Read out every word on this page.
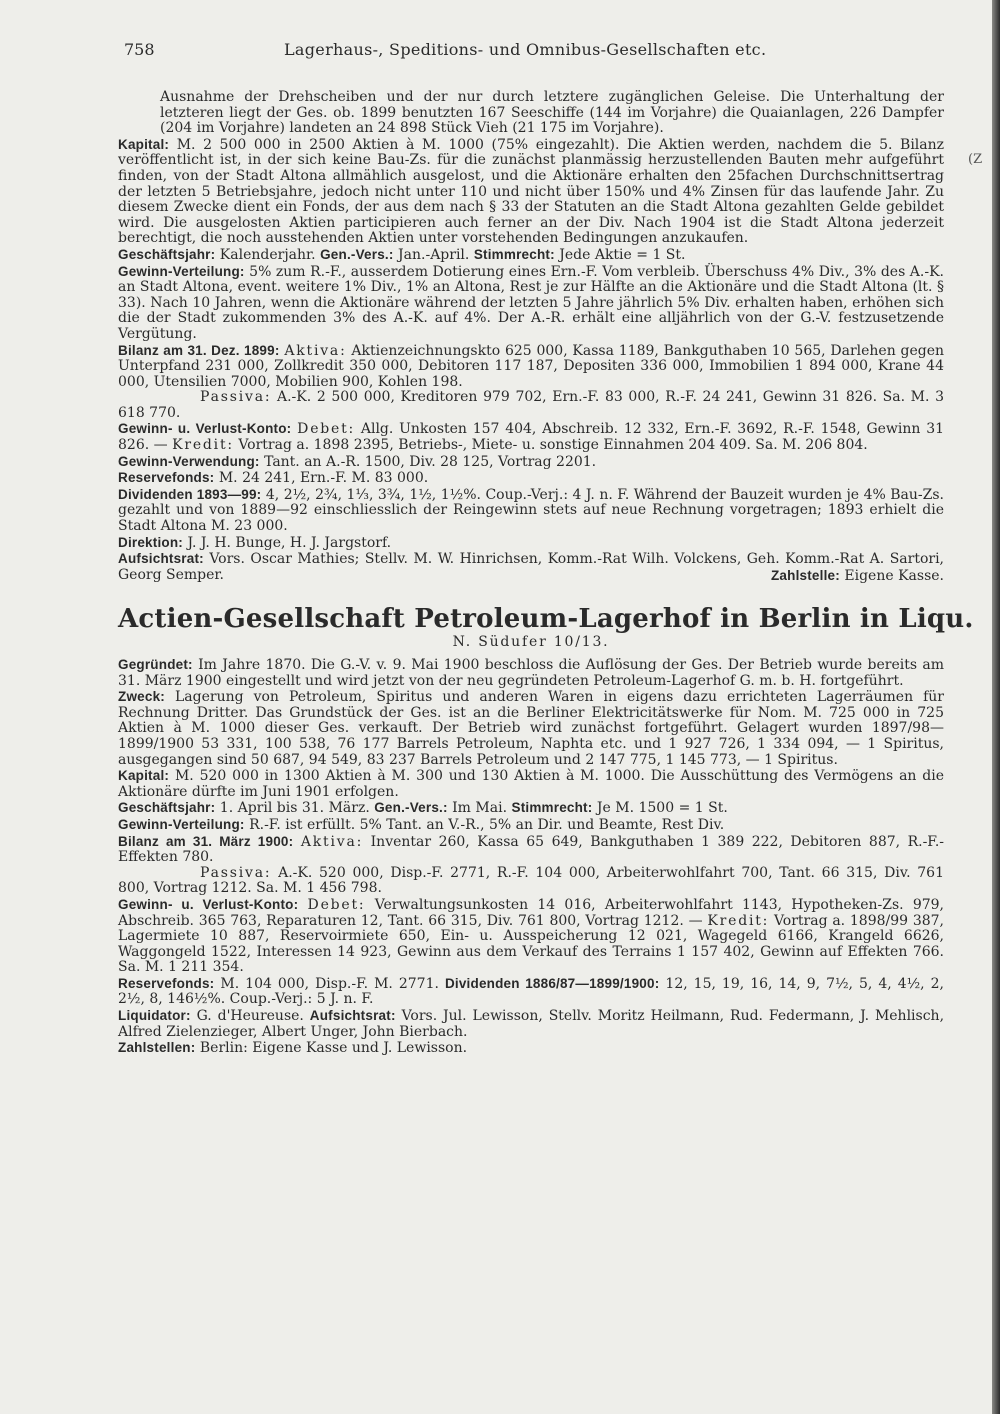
(Z
758	Lagerhaus-, Speditions- und Omnibus-Gesellschaften etc.

Ausnahme der Drehscheiben und der nur durch letztere zugänglichen Geleise. Die Unterhaltung der letzteren liegt der Ges. ob. 1899 benutzten 167 Seeschiffe (144 im Vorjahre) die Quaianlagen, 226 Dampfer (204 im Vorjahre) landeten an 24 898 Stück Vieh (21 175 im Vorjahre).

Kapital: M. 2 500 000 in 2500 Aktien à M. 1000 (75% eingezahlt). Die Aktien werden, nachdem die 5. Bilanz veröffentlicht ist, in der sich keine Bau-Zs. für die zunächst planmässig herzustellenden Bauten mehr aufgeführt finden, von der Stadt Altona allmählich ausgelost, und die Aktionäre erhalten den 25fachen Durchschnittsertrag der letzten 5 Betriebsjahre, jedoch nicht unter 110 und nicht über 150% und 4% Zinsen für das laufende Jahr. Zu diesem Zwecke dient ein Fonds, der aus dem nach § 33 der Statuten an die Stadt Altona gezahlten Gelde gebildet wird. Die ausgelosten Aktien participieren auch ferner an der Div. Nach 1904 ist die Stadt Altona jederzeit berechtigt, die noch ausstehenden Aktien unter vorstehenden Bedingungen anzukaufen.

Geschäftsjahr: Kalenderjahr. Gen.-Vers.: Jan.-April. Stimmrecht: Jede Aktie = 1 St.

Gewinn-Verteilung: 5% zum R.-F., ausserdem Dotierung eines Ern.-F. Vom verbleib. Überschuss 4% Div., 3% des A.-K. an Stadt Altona, event. weitere 1% Div., 1% an Altona, Rest je zur Hälfte an die Aktionäre und die Stadt Altona (lt. § 33). Nach 10 Jahren, wenn die Aktionäre während der letzten 5 Jahre jährlich 5% Div. erhalten haben, erhöhen sich die der Stadt zukommenden 3% des A.-K. auf 4%. Der A.-R. erhält eine alljährlich von der G.-V. festzusetzende Vergütung.

Bilanz am 31. Dez. 1899: Aktiva: Aktienzeichnungskto 625 000, Kassa 1189, Bankguthaben 10 565, Darlehen gegen Unterpfand 231 000, Zollkredit 350 000, Debitoren 117 187, Depositen 336 000, Immobilien 1 894 000, Krane 44 000, Utensilien 7000, Mobilien 900, Kohlen 198.

Passiva: A.-K. 2 500 000, Kreditoren 979 702, Ern.-F. 83 000, R.-F. 24 241, Gewinn 31 826. Sa. M. 3 618 770.

Gewinn- u. Verlust-Konto: Debet: Allg. Unkosten 157 404, Abschreib. 12 332, Ern.-F. 3692, R.-F. 1548, Gewinn 31 826. — Kredit: Vortrag a. 1898 2395, Betriebs-, Miete- u. sonstige Einnahmen 204 409. Sa. M. 206 804.

Gewinn-Verwendung: Tant. an A.-R. 1500, Div. 28 125, Vortrag 2201.

Reservefonds: M. 24 241, Ern.-F. M. 83 000.

Dividenden 1893—99: 4, 2½, 2¾, 1⅓, 3¾, 1½, 1½%. Coup.-Verj.: 4 J. n. F. Während der Bauzeit wurden je 4% Bau-Zs. gezahlt und von 1889—92 einschliesslich der Reingewinn stets auf neue Rechnung vorgetragen; 1893 erhielt die Stadt Altona M. 23 000.

Direktion: J. J. H. Bunge, H. J. Jargstorf.

Aufsichtsrat: Vors. Oscar Mathies; Stellv. M. W. Hinrichsen, Komm.-Rat Wilh. Volckens, Geh. Komm.-Rat A. Sartori, Georg Semper.	Zahlstelle: Eigene Kasse.

Actien-Gesellschaft Petroleum-Lagerhof in Berlin in Liqu.

N. Südufer 10/13.

Gegründet: Im Jahre 1870. Die G.-V. v. 9. Mai 1900 beschloss die Auflösung der Ges. Der Betrieb wurde bereits am 31. März 1900 eingestellt und wird jetzt von der neu gegründeten Petroleum-Lagerhof G. m. b. H. fortgeführt.

Zweck: Lagerung von Petroleum, Spiritus und anderen Waren in eigens dazu errichteten Lagerräumen für Rechnung Dritter. Das Grundstück der Ges. ist an die Berliner Elektricitätswerke für Nom. M. 725 000 in 725 Aktien à M. 1000 dieser Ges. verkauft. Der Betrieb wird zunächst fortgeführt. Gelagert wurden 1897/98—1899/1900 53 331, 100 538, 76 177 Barrels Petroleum, Naphta etc. und 1 927 726, 1 334 094, — 1 Spiritus, ausgegangen sind 50 687, 94 549, 83 237 Barrels Petroleum und 2 147 775, 1 145 773, — 1 Spiritus.

Kapital: M. 520 000 in 1300 Aktien à M. 300 und 130 Aktien à M. 1000. Die Ausschüttung des Vermögens an die Aktionäre dürfte im Juni 1901 erfolgen.

Geschäftsjahr: 1. April bis 31. März. Gen.-Vers.: Im Mai. Stimmrecht: Je M. 1500 = 1 St.

Gewinn-Verteilung: R.-F. ist erfüllt. 5% Tant. an V.-R., 5% an Dir. und Beamte, Rest Div.

Bilanz am 31. März 1900: Aktiva: Inventar 260, Kassa 65 649, Bankguthaben 1 389 222, Debitoren 887, R.-F.-Effekten 780.

Passiva: A.-K. 520 000, Disp.-F. 2771, R.-F. 104 000, Arbeiterwohlfahrt 700, Tant. 66 315, Div. 761 800, Vortrag 1212. Sa. M. 1 456 798.

Gewinn- u. Verlust-Konto: Debet: Verwaltungsunkosten 14 016, Arbeiterwohlfahrt 1143, Hypotheken-Zs. 979, Abschreib. 365 763, Reparaturen 12, Tant. 66 315, Div. 761 800, Vortrag 1212. — Kredit: Vortrag a. 1898/99 387, Lagermiete 10 887, Reservoirmiete 650, Ein- u. Ausspeicherung 12 021, Wagegeld 6166, Krangeld 6626, Waggongeld 1522, Interessen 14 923, Gewinn aus dem Verkauf des Terrains 1 157 402, Gewinn auf Effekten 766. Sa. M. 1 211 354.

Reservefonds: M. 104 000, Disp.-F. M. 2771. Dividenden 1886/87—1899/1900: 12, 15, 19, 16, 14, 9, 7½, 5, 4, 4½, 2, 2½, 8, 146½%. Coup.-Verj.: 5 J. n. F.

Liquidator: G. d'Heureuse. Aufsichtsrat: Vors. Jul. Lewisson, Stellv. Moritz Heilmann, Rud. Federmann, J. Mehlisch, Alfred Zielenzieger, Albert Unger, John Bierbach.

Zahlstellen: Berlin: Eigene Kasse und J. Lewisson.
